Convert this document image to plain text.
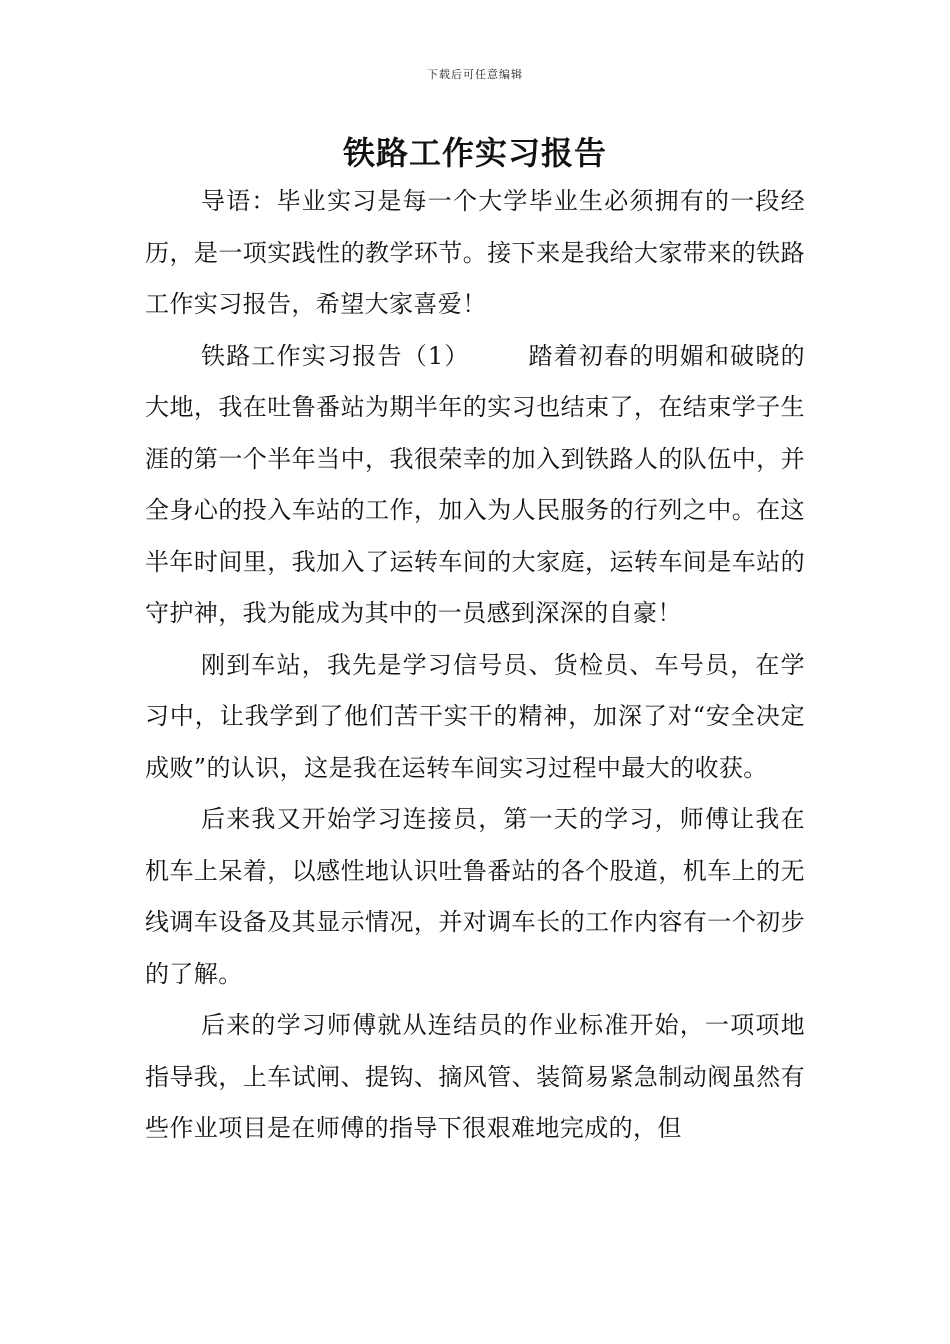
下载后可任意编辑
铁路工作实习报告

导语：毕业实习是每一个大学毕业生必须拥有的一段经历，是一项实践性的教学环节。接下来是我给大家带来的铁路工作实习报告，希望大家喜爱！

铁路工作实习报告（1） 踏着初春的明媚和破晓的大地，我在吐鲁番站为期半年的实习也结束了，在结束学子生涯的第一个半年当中，我很荣幸的加入到铁路人的队伍中，并全身心的投入车站的工作，加入为人民服务的行列之中。在这半年时间里，我加入了运转车间的大家庭，运转车间是车站的守护神，我为能成为其中的一员感到深深的自豪！

刚到车站，我先是学习信号员、货检员、车号员，在学习中，让我学到了他们苦干实干的精神，加深了对“安全决定成败”的认识，这是我在运转车间实习过程中最大的收获。

后来我又开始学习连接员，第一天的学习，师傅让我在机车上呆着，以感性地认识吐鲁番站的各个股道，机车上的无线调车设备及其显示情况，并对调车长的工作内容有一个初步的了解。

后来的学习师傅就从连结员的作业标准开始，一项项地指导我，上车试闸、提钩、摘风管、装简易紧急制动阀虽然有些作业项目是在师傅的指导下很艰难地完成的，但
